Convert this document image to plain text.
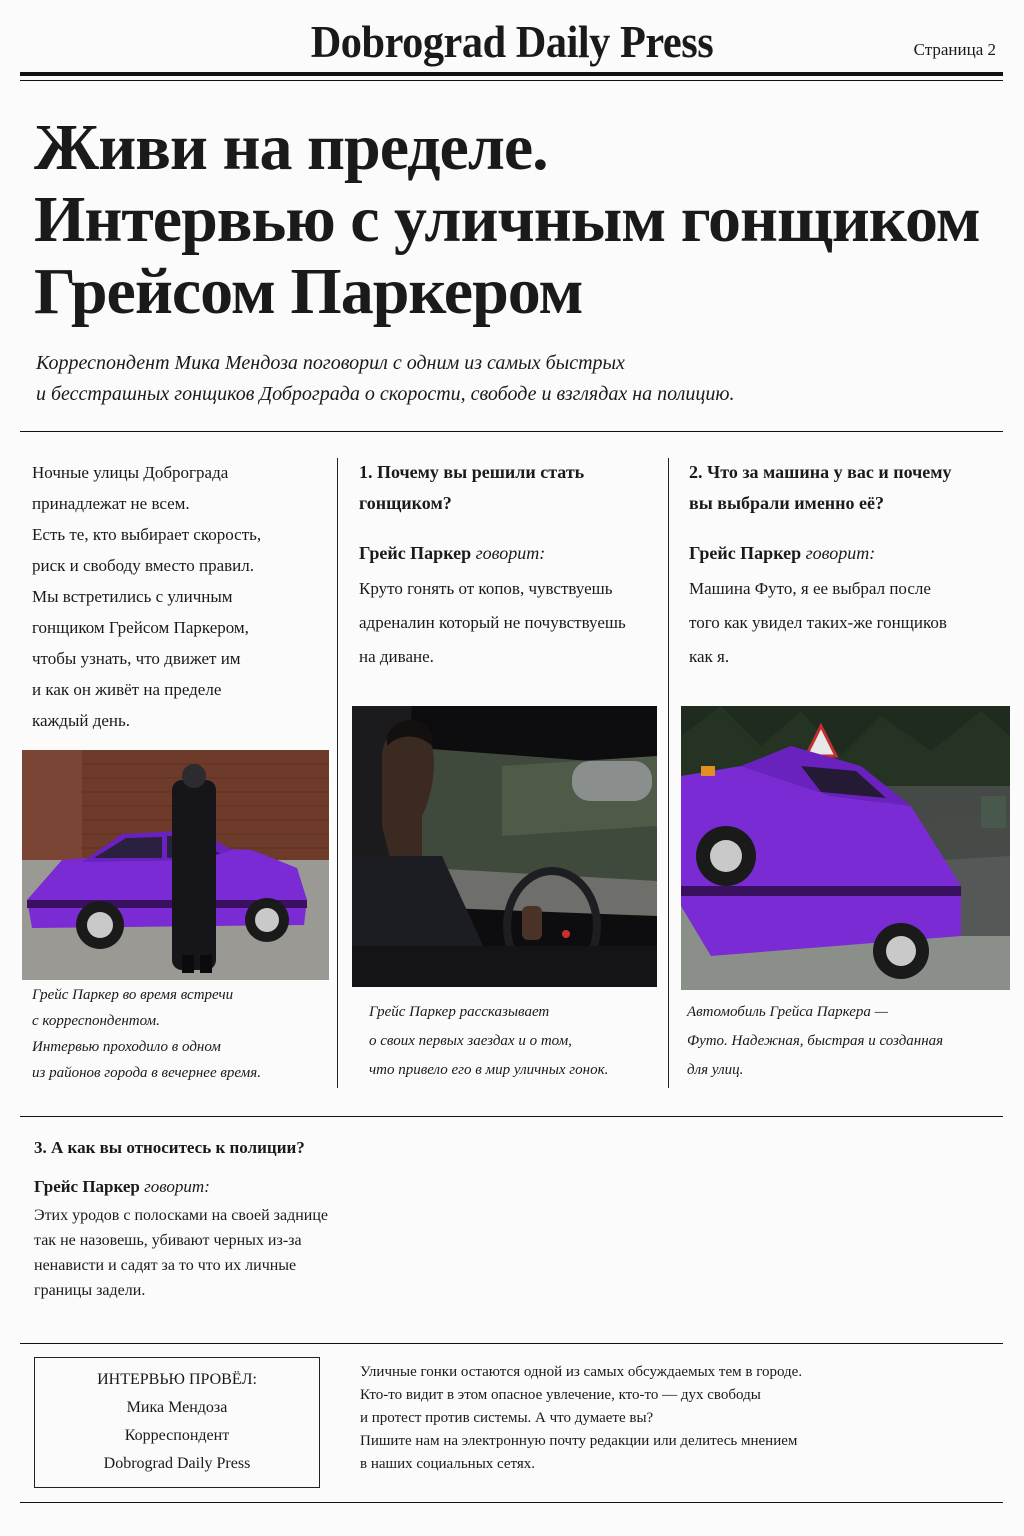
Dobrograd Daily Press	Страница 2
Живи на пределе.
Интервью с уличным гонщиком
Грейсом Паркером
Корреспондент Мика Мендоза поговорил с одним из самых быстрых
и бесстрашных гонщиков Доброграда о скорости, свободе и взглядах на полицию.
Ночные улицы Доброграда
принадлежат не всем.
Есть те, кто выбирает скорость,
риск и свободу вместо правил.
Мы встретились с уличным
гонщиком Грейсом Паркером,
чтобы узнать, что движет им
и как он живёт на пределе
каждый день.
Грейс Паркер во время встречи
с корреспондентом.
Интервью проходило в одном
из районов города в вечернее время.
1. Почему вы решили стать
гонщиком?
Грейс Паркер говорит:
Круто гонять от копов, чувствуешь
адреналин который не почувствуешь
на диване.
Грейс Паркер рассказывает
о своих первых заездах и о том,
что привело его в мир уличных гонок.
2. Что за машина у вас и почему
вы выбрали именно её?
Грейс Паркер говорит:
Машина Футо, я ее выбрал после
того как увидел таких-же гонщиков
как я.
Автомобиль Грейса Паркера —
Футо. Надежная, быстрая и созданная
для улиц.
3. А как вы относитесь к полиции?
Грейс Паркер говорит:
Этих уродов с полосками на своей заднице
так не назовешь, убивают черных из-за
ненависти и садят за то что их личные
границы задели.
ИНТЕРВЬЮ ПРОВЁЛ:
Мика Мендоза
Корреспондент
Dobrograd Daily Press
Уличные гонки остаются одной из самых обсуждаемых тем в городе.
Кто-то видит в этом опасное увлечение, кто-то — дух свободы
и протест против системы. А что думаете вы?
Пишите нам на электронную почту редакции или делитесь мнением
в наших социальных сетях.
